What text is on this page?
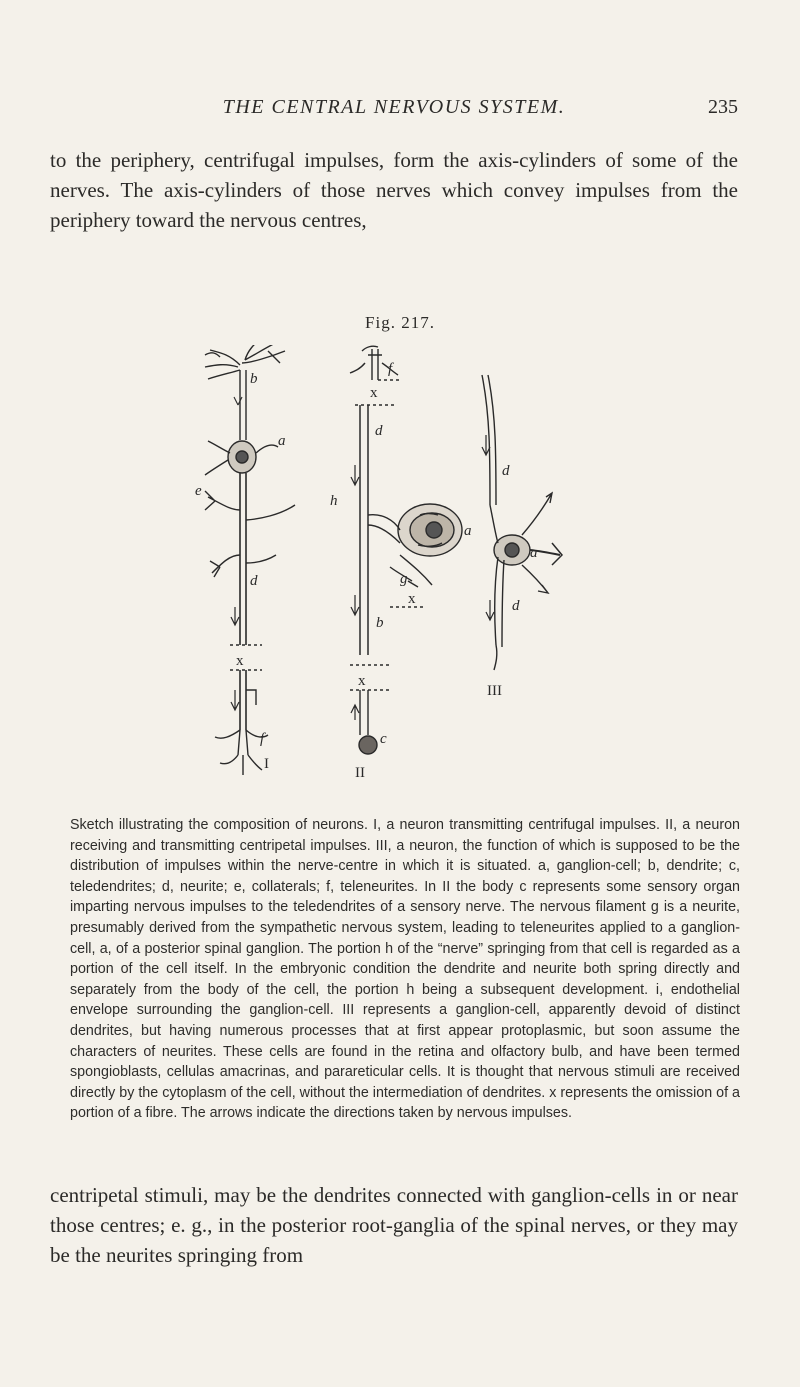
THE CENTRAL NERVOUS SYSTEM.	235

to the periphery, centrifugal impulses, form the axis-cylinders of some of the nerves. The axis-cylinders of those nerves which convey impulses from the periphery toward the nervous centres,

Fig. 217.
b
a
e
d
x
f
I
f
x
d
h
a
g
x
b
x
c
II
d
a
d
III
Sketch illustrating the composition of neurons. I, a neuron transmitting centrifugal impulses. II, a neuron receiving and transmitting centripetal impulses. III, a neuron, the function of which is supposed to be the distribution of impulses within the nerve-centre in which it is situated. a, ganglion-cell; b, dendrite; c, teledendrites; d, neurite; e, collaterals; f, teleneurites. In II the body c represents some sensory organ imparting nervous impulses to the teledendrites of a sensory nerve. The nervous filament g is a neurite, presumably derived from the sympathetic nervous system, leading to teleneurites applied to a ganglion-cell, a, of a posterior spinal ganglion. The portion h of the “nerve” springing from that cell is regarded as a portion of the cell itself. In the embryonic condition the dendrite and neurite both spring directly and separately from the body of the cell, the portion h being a subsequent development. i, endothelial envelope surrounding the ganglion-cell. III represents a ganglion-cell, apparently devoid of distinct dendrites, but having numerous processes that at first appear protoplasmic, but soon assume the characters of neurites. These cells are found in the retina and olfactory bulb, and have been termed spongioblasts, cellulas amacrinas, and parareticular cells. It is thought that nervous stimuli are received directly by the cytoplasm of the cell, without the intermediation of dendrites. x represents the omission of a portion of a fibre. The arrows indicate the directions taken by nervous impulses.

centripetal stimuli, may be the dendrites connected with ganglion-cells in or near those centres; e. g., in the posterior root-ganglia of the spinal nerves, or they may be the neurites springing from
